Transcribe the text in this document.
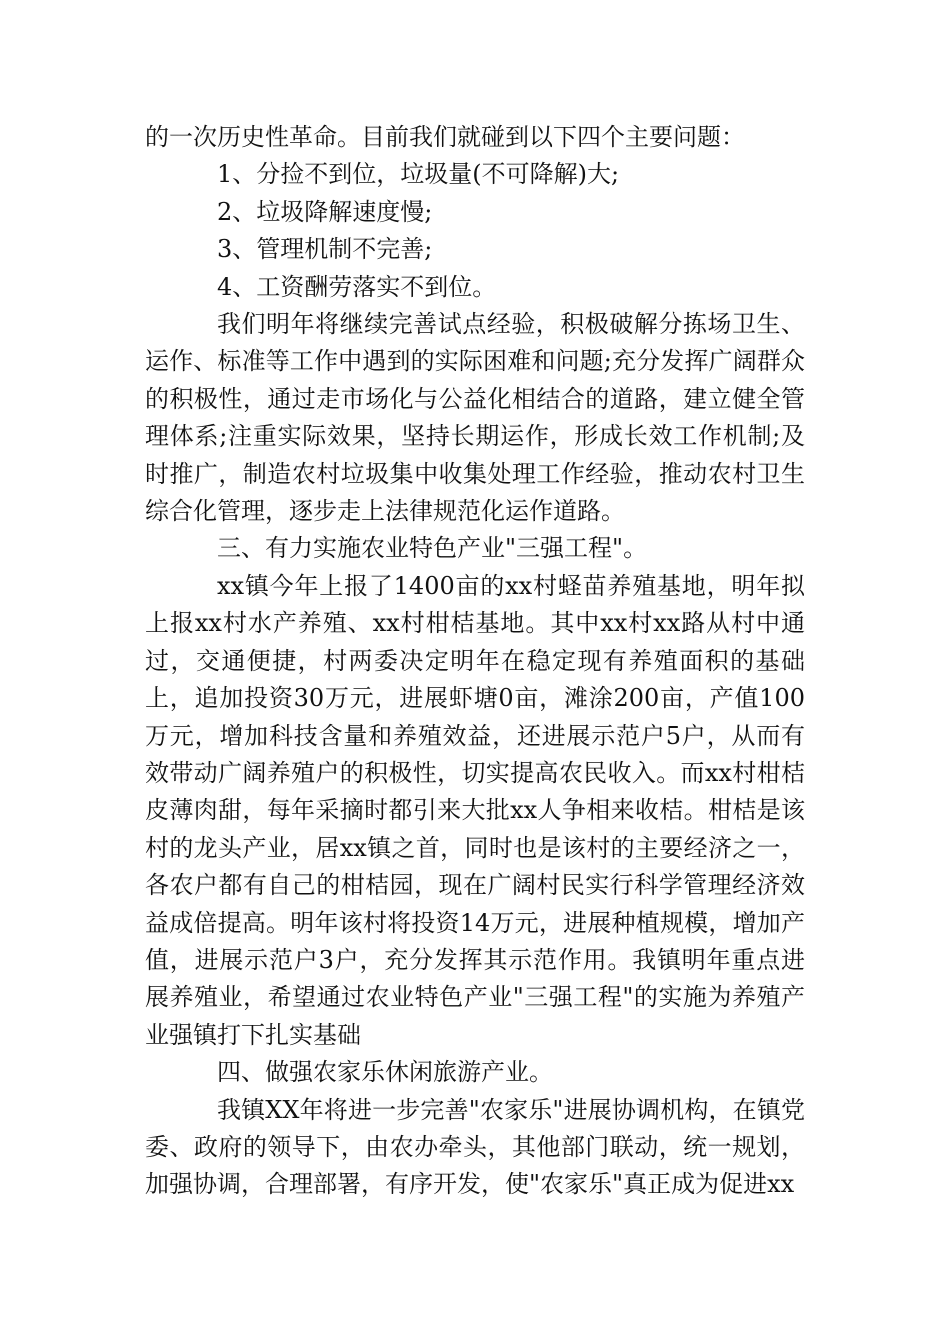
的一次历史性革命。目前我们就碰到以下四个主要问题：

1、分捡不到位，垃圾量(不可降解)大;

2、垃圾降解速度慢;

3、管理机制不完善;

4、工资酬劳落实不到位。

我们明年将继续完善试点经验，积极破解分拣场卫生、运作、标准等工作中遇到的实际困难和问题;充分发挥广阔群众的积极性，通过走市场化与公益化相结合的道路，建立健全管理体系;注重实际效果，坚持长期运作，形成长效工作机制;及时推广，制造农村垃圾集中收集处理工作经验，推动农村卫生综合化管理，逐步走上法律规范化运作道路。

三、有力实施农业特色产业"三强工程"。

xx镇今年上报了1400亩的xx村蛏苗养殖基地，明年拟上报xx村水产养殖、xx村柑桔基地。其中xx村xx路从村中通过，交通便捷，村两委决定明年在稳定现有养殖面积的基础上，追加投资30万元，进展虾塘0亩，滩涂200亩，产值100万元，增加科技含量和养殖效益，还进展示范户5户，从而有效带动广阔养殖户的积极性，切实提高农民收入。而xx村柑桔皮薄肉甜，每年采摘时都引来大批xx人争相来收桔。柑桔是该村的龙头产业，居xx镇之首，同时也是该村的主要经济之一，各农户都有自己的柑桔园，现在广阔村民实行科学管理经济效益成倍提高。明年该村将投资14万元，进展种植规模，增加产值，进展示范户3户，充分发挥其示范作用。我镇明年重点进展养殖业，希望通过农业特色产业"三强工程"的实施为养殖产业强镇打下扎实基础

四、做强农家乐休闲旅游产业。

我镇XX年将进一步完善"农家乐"进展协调机构，在镇党委、政府的领导下，由农办牵头，其他部门联动，统一规划，加强协调，合理部署，有序开发，使"农家乐"真正成为促进xx
